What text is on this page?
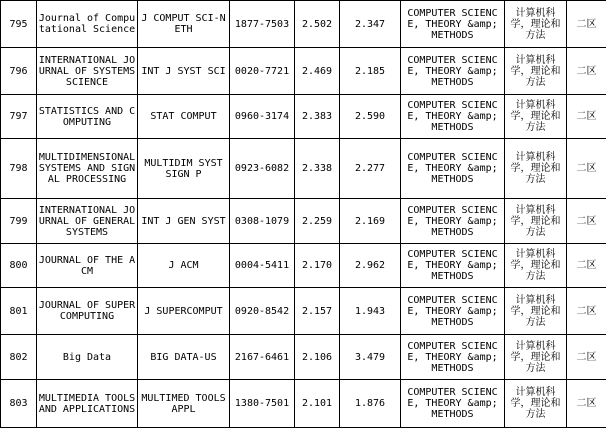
795	Journal of Computational Science	J COMPUT SCI-NETH	1877-7503	2.502	2.347	COMPUTER SCIENCE, THEORY &amp; METHODS	计算机科学，理论和方法	二区
796	INTERNATIONAL JOURNAL OF SYSTEMS SCIENCE	INT J SYST SCI	0020-7721	2.469	2.185	COMPUTER SCIENCE, THEORY &amp; METHODS	计算机科学，理论和方法	二区
797	STATISTICS AND COMPUTING	STAT COMPUT	0960-3174	2.383	2.590	COMPUTER SCIENCE, THEORY &amp; METHODS	计算机科学，理论和方法	二区
798	MULTIDIMENSIONAL SYSTEMS AND SIGNAL PROCESSING	MULTIDIM SYST SIGN P	0923-6082	2.338	2.277	COMPUTER SCIENCE, THEORY &amp; METHODS	计算机科学，理论和方法	二区
799	INTERNATIONAL JOURNAL OF GENERAL SYSTEMS	INT J GEN SYST	0308-1079	2.259	2.169	COMPUTER SCIENCE, THEORY &amp; METHODS	计算机科学，理论和方法	二区
800	JOURNAL OF THE ACM	J ACM	0004-5411	2.170	2.962	COMPUTER SCIENCE, THEORY &amp; METHODS	计算机科学，理论和方法	二区
801	JOURNAL OF SUPERCOMPUTING	J SUPERCOMPUT	0920-8542	2.157	1.943	COMPUTER SCIENCE, THEORY &amp; METHODS	计算机科学，理论和方法	二区
802	Big Data	BIG DATA-US	2167-6461	2.106	3.479	COMPUTER SCIENCE, THEORY &amp; METHODS	计算机科学，理论和方法	二区
803	MULTIMEDIA TOOLS AND APPLICATIONS	MULTIMED TOOLS APPL	1380-7501	2.101	1.876	COMPUTER SCIENCE, THEORY &amp; METHODS	计算机科学，理论和方法	二区
